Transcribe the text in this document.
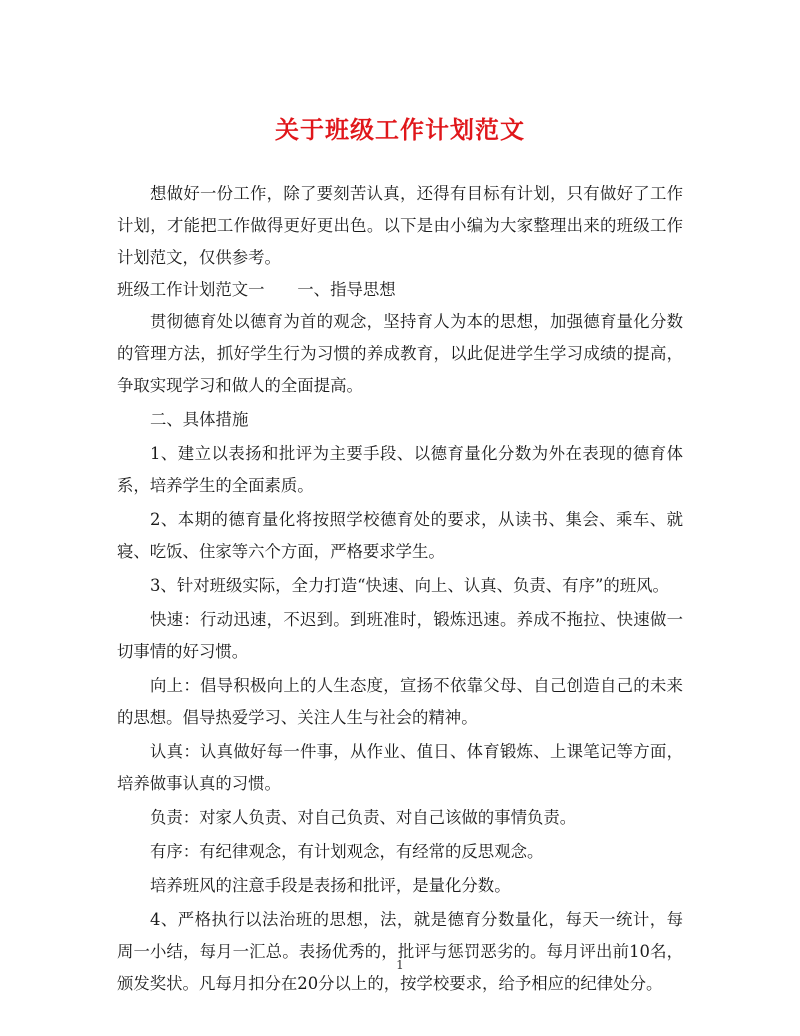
关于班级工作计划范文

想做好一份工作，除了要刻苦认真，还得有目标有计划，只有做好了工作计划，才能把工作做得更好更出色。以下是由小编为大家整理出来的班级工作计划范文，仅供参考。

班级工作计划范文一　　一、指导思想

贯彻德育处以德育为首的观念，坚持育人为本的思想，加强德育量化分数的管理方法，抓好学生行为习惯的养成教育，以此促进学生学习成绩的提高，争取实现学习和做人的全面提高。

二、具体措施

1、建立以表扬和批评为主要手段、以德育量化分数为外在表现的德育体系，培养学生的全面素质。

2、本期的德育量化将按照学校德育处的要求，从读书、集会、乘车、就寝、吃饭、住家等六个方面，严格要求学生。

3、针对班级实际，全力打造“快速、向上、认真、负责、有序”的班风。

快速：行动迅速，不迟到。到班准时，锻炼迅速。养成不拖拉、快速做一切事情的好习惯。

向上：倡导积极向上的人生态度，宣扬不依靠父母、自己创造自己的未来的思想。倡导热爱学习、关注人生与社会的精神。

认真：认真做好每一件事，从作业、值日、体育锻炼、上课笔记等方面，培养做事认真的习惯。

负责：对家人负责、对自己负责、对自己该做的事情负责。

有序：有纪律观念，有计划观念，有经常的反思观念。

培养班风的注意手段是表扬和批评，是量化分数。

4、严格执行以法治班的思想，法，就是德育分数量化，每天一统计，每周一小结，每月一汇总。表扬优秀的，批评与惩罚恶劣的。每月评出前10名，颁发奖状。凡每月扣分在20分以上的，按学校要求，给予相应的纪律处分。

1
